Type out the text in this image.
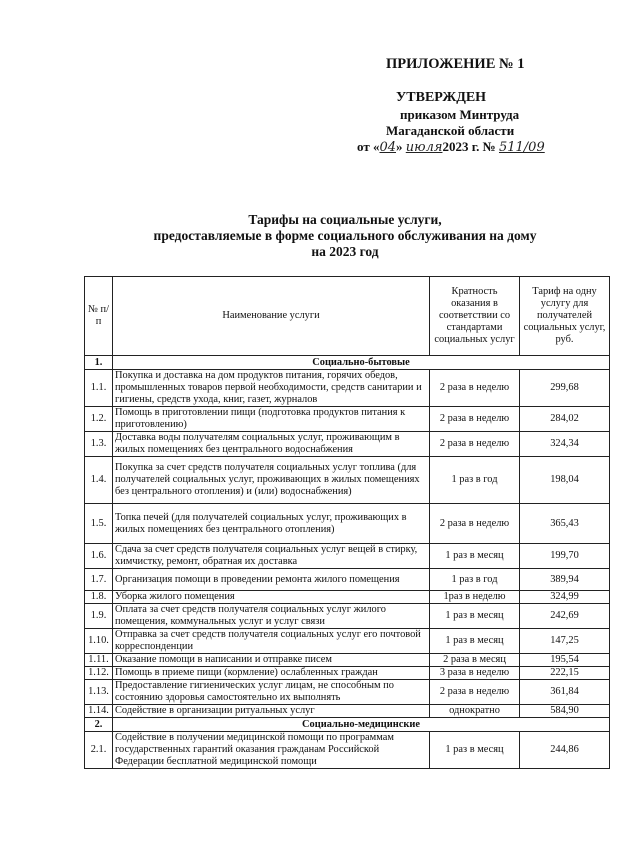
ПРИЛОЖЕНИЕ № 1
УТВЕРЖДЕН
приказом Минтруда
Магаданской области
от «04» июля2023 г. № 511/09
Тарифы на социальные услуги,
предоставляемые в форме социального обслуживания на дому
на 2023 год
№ п/п	Наименование услуги	Кратность оказания в соответствии со стандартами социальных услуг	Тариф на одну услугу для получателей социальных услуг, руб.
1.	Социально-бытовые		
1.1.	Покупка и доставка на дом продуктов питания, горячих обедов, промышленных товаров первой необходимости, средств санитарии и гигиены, средств ухода, книг, газет, журналов	2 раза в неделю	299,68
1.2.	Помощь в приготовлении пищи (подготовка продуктов питания к приготовлению)	2 раза в неделю	284,02
1.3.	Доставка воды получателям социальных услуг, проживающим в жилых помещениях без центрального водоснабжения	2 раза в неделю	324,34
1.4.	Покупка за счет средств получателя социальных услуг топлива (для получателей социальных услуг, проживающих в жилых помещениях без центрального отопления) и (или) водоснабжения)	1 раз в год	198,04
1.5.	Топка печей (для получателей социальных услуг, проживающих в жилых помещениях без центрального отопления)	2 раза в неделю	365,43
1.6.	Сдача за счет средств получателя социальных услуг вещей в стирку, химчистку, ремонт, обратная их доставка	1 раз в месяц	199,70
1.7.	Организация помощи в проведении ремонта жилого помещения	1 раз в год	389,94
1.8.	Уборка жилого помещения	1раз в неделю	324,99
1.9.	Оплата за счет средств получателя социальных услуг жилого помещения, коммунальных услуг и услуг связи	1 раз в месяц	242,69
1.10.	Отправка за счет средств получателя социальных услуг его почтовой корреспонденции	1 раз в месяц	147,25
1.11.	Оказание помощи в написании и отправке писем	2 раза в месяц	195,54
1.12.	Помощь в приеме пищи (кормление) ослабленных граждан	3 раза в неделю	222,15
1.13.	Предоставление гигиенических услуг лицам, не способным по состоянию здоровья самостоятельно их выполнять	2 раза в неделю	361,84
1.14.	Содействие в организации ритуальных услуг	однократно	584,90
2.	Социально-медицинские		
2.1.	Содействие в получении медицинской помощи по программам государственных гарантий оказания гражданам Российской Федерации бесплатной медицинской помощи	1 раз в месяц	244,86
